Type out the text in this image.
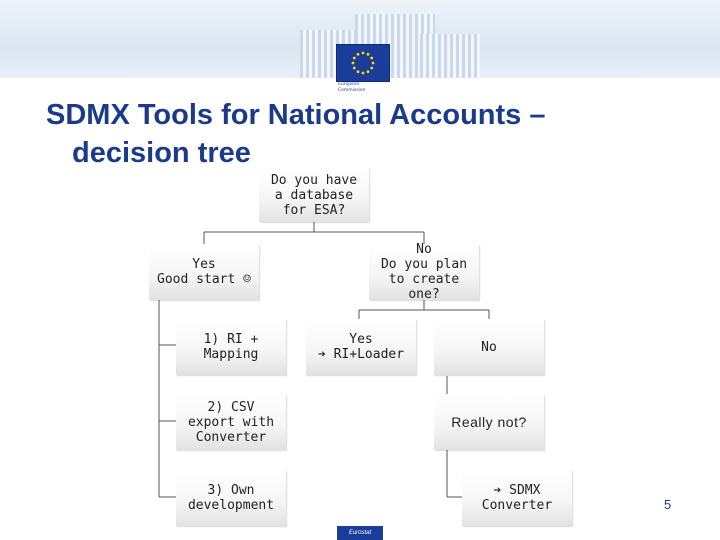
European
Commission
SDMX Tools for National Accounts –
decision tree
Do you have
a database
for ESA?
Yes
Good start ☺
No
Do you plan
to create
one?
1) RI +
Mapping
2) CSV
export with
Converter
3) Own
development
Yes
➔ RI+Loader	No
Really not?
➔ SDMX
Converter	5
Eurostat
